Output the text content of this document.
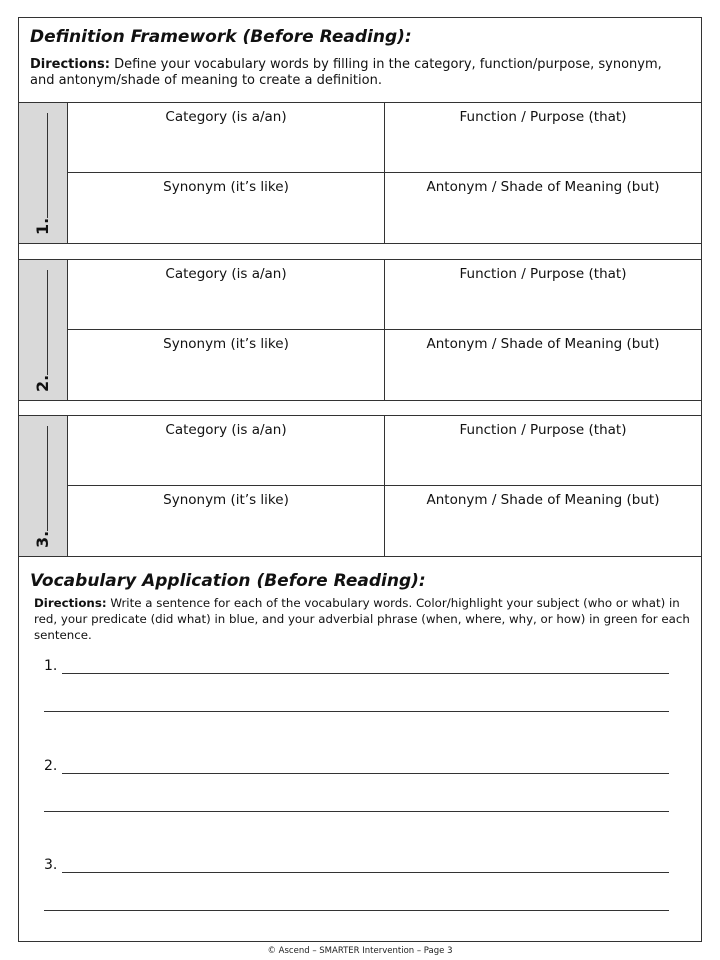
Definition Framework (Before Reading):
Directions: Define your vocabulary words by filling in the category, function/purpose, synonym, and antonym/shade of meaning to create a definition.
1.
Category (is a/an)	Function / Purpose (that)
Synonym (it’s like)	Antonym / Shade of Meaning (but)
2.
Category (is a/an)	Function / Purpose (that)
Synonym (it’s like)	Antonym / Shade of Meaning (but)
3.
Category (is a/an)	Function / Purpose (that)
Synonym (it’s like)	Antonym / Shade of Meaning (but)
Vocabulary Application (Before Reading):
Directions: Write a sentence for each of the vocabulary words. Color/highlight your subject (who or what) in red, your predicate (did what) in blue, and your adverbial phrase (when, where, why, or how) in green for each sentence.
1.
2.
3.
© Ascend – SMARTER Intervention – Page 3
